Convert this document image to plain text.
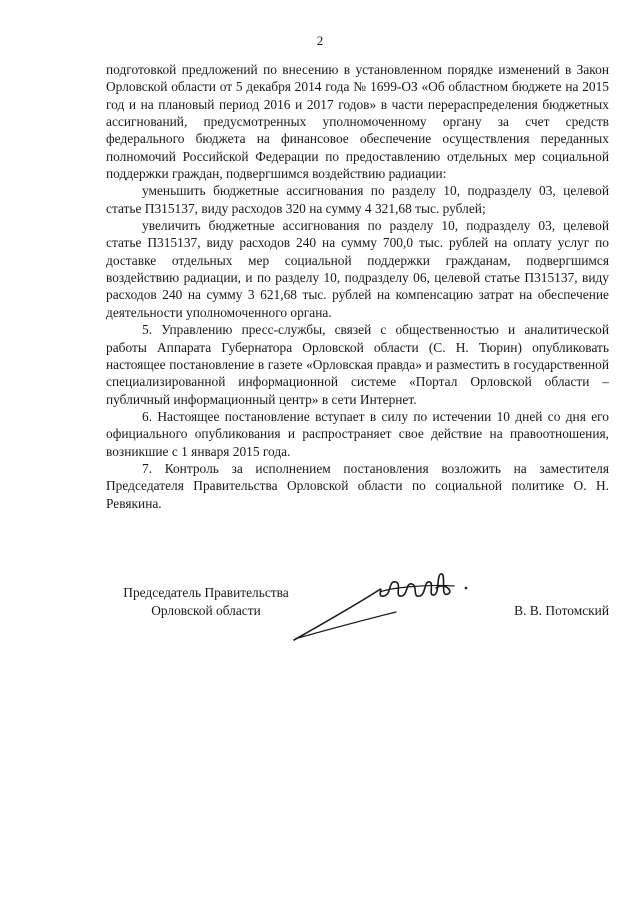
2

подготовкой предложений по внесению в установленном порядке изменений в Закон Орловской области от 5 декабря 2014 года № 1699-ОЗ «Об областном бюджете на 2015 год и на плановый период 2016 и 2017 годов» в части перераспределения бюджетных ассигнований, предусмотренных уполномоченному органу за счет средств федерального бюджета на финансовое обеспечение осуществления переданных полномочий Российской Федерации по предоставлению отдельных мер социальной поддержки граждан, подвергшимся воздействию радиации:

уменьшить бюджетные ассигнования по разделу 10, подразделу 03, целевой статье П315137, виду расходов 320 на сумму 4 321,68 тыс. рублей;

увеличить бюджетные ассигнования по разделу 10, подразделу 03, целевой статье П315137, виду расходов 240 на сумму 700,0 тыс. рублей на оплату услуг по доставке отдельных мер социальной поддержки гражданам, подвергшимся воздействию радиации, и по разделу 10, подразделу 06, целевой статье П315137, виду расходов 240 на сумму 3 621,68 тыс. рублей на компенсацию затрат на обеспечение деятельности уполномоченного органа.

5. Управлению пресс-службы, связей с общественностью и аналитической работы Аппарата Губернатора Орловской области (С. Н. Тюрин) опубликовать настоящее постановление в газете «Орловская правда» и разместить в государственной специализированной информационной системе «Портал Орловской области – публичный информационный центр» в сети Интернет.

6. Настоящее постановление вступает в силу по истечении 10 дней со дня его официального опубликования и распространяет свое действие на правоотношения, возникшие с 1 января 2015 года.

7. Контроль за исполнением постановления возложить на заместителя Председателя Правительства Орловской области по социальной политике О. Н. Ревякина.

Председатель Правительства
Орловской области	В. В. Потомский
